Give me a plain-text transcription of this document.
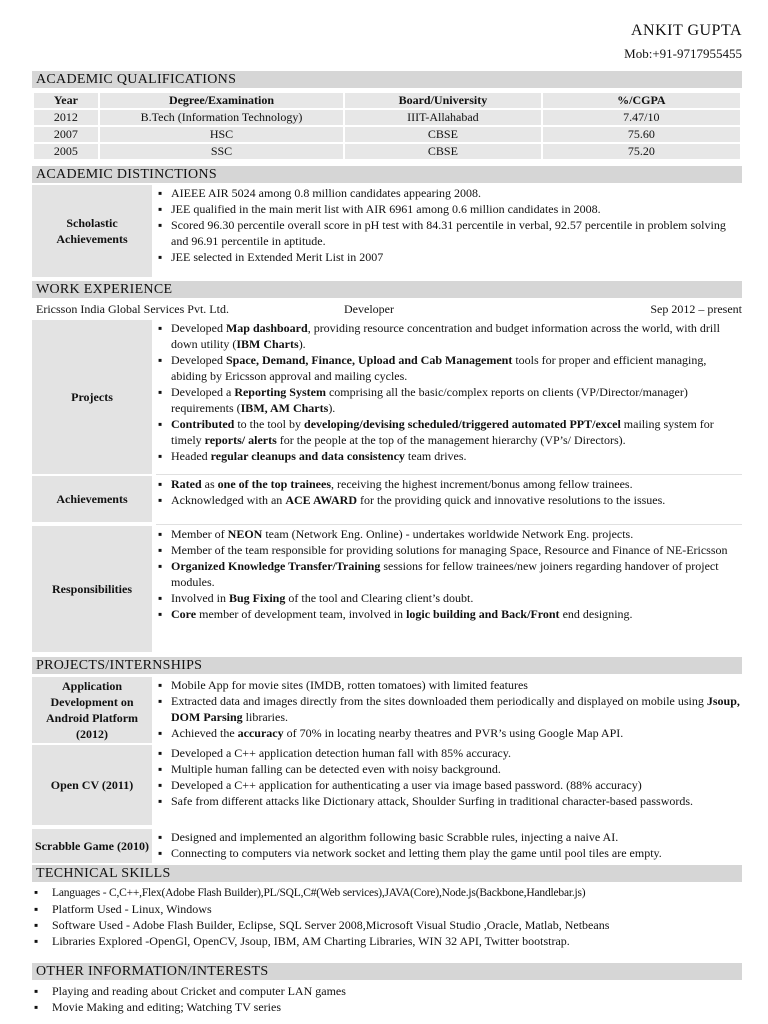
ANKIT GUPTA
Mob:+91-9717955455
ACADEMIC QUALIFICATIONS
Year	Degree/Examination	Board/University	%/CGPA
2012	B.Tech (Information Technology)	IIIT-Allahabad	7.47/10
2007	HSC	CBSE	75.60
2005	SSC	CBSE	75.20
ACADEMIC DISTINCTIONS
Scholastic Achievements
▪ AIEEE AIR 5024 among 0.8 million candidates appearing 2008.
▪ JEE qualified in the main merit list with AIR 6961 among 0.6 million candidates in 2008.
▪ Scored 96.30 percentile overall score in pH test with 84.31 percentile in verbal, 92.57 percentile in problem solving and 96.91 percentile in aptitude.
▪ JEE selected in Extended Merit List in 2007
WORK EXPERIENCE
Ericsson India Global Services Pvt. Ltd.	Developer	Sep 2012 – present
Projects
▪ Developed Map dashboard, providing resource concentration and budget information across the world, with drill down utility (IBM Charts).
▪ Developed Space, Demand, Finance, Upload and Cab Management tools for proper and efficient managing, abiding by Ericsson approval and mailing cycles.
▪ Developed a Reporting System comprising all the basic/complex reports on clients (VP/Director/manager) requirements (IBM, AM Charts).
▪ Contributed to the tool by developing/devising scheduled/triggered automated PPT/excel mailing system for timely reports/ alerts for the people at the top of the management hierarchy (VP’s/ Directors).
▪ Headed regular cleanups and data consistency team drives.
Achievements
▪ Rated as one of the top trainees, receiving the highest increment/bonus among fellow trainees.
▪ Acknowledged with an ACE AWARD for the providing quick and innovative resolutions to the issues.
Responsibilities
▪ Member of NEON team (Network Eng. Online) - undertakes worldwide Network Eng. projects.
▪ Member of the team responsible for providing solutions for managing Space, Resource and Finance of NE-Ericsson
▪ Organized Knowledge Transfer/Training sessions for fellow trainees/new joiners regarding handover of project modules.
▪ Involved in Bug Fixing of the tool and Clearing client’s doubt.
▪ Core member of development team, involved in logic building and Back/Front end designing.
PROJECTS/INTERNSHIPS
Application Development on Android Platform (2012)
▪ Mobile App for movie sites (IMDB, rotten tomatoes) with limited features
▪ Extracted data and images directly from the sites downloaded them periodically and displayed on mobile using Jsoup, DOM Parsing libraries.
▪ Achieved the accuracy of 70% in locating nearby theatres and PVR’s using Google Map API.
Open CV (2011)
▪ Developed a C++ application detection human fall with 85% accuracy.
▪ Multiple human falling can be detected even with noisy background.
▪ Developed a C++ application for authenticating a user via image based password. (88% accuracy)
▪ Safe from different attacks like Dictionary attack, Shoulder Surfing in traditional character-based passwords.
Scrabble Game (2010)
▪ Designed and implemented an algorithm following basic Scrabble rules, injecting a naive AI.
▪ Connecting to computers via network socket and letting them play the game until pool tiles are empty.
TECHNICAL SKILLS
▪ Languages - C,C++,Flex(Adobe Flash Builder),PL/SQL,C#(Web services),JAVA(Core),Node.js(Backbone,Handlebar.js)
▪ Platform Used - Linux, Windows
▪ Software Used - Adobe Flash Builder, Eclipse, SQL Server 2008,Microsoft Visual Studio ,Oracle, Matlab, Netbeans
▪ Libraries Explored -OpenGl, OpenCV, Jsoup, IBM, AM Charting Libraries, WIN 32 API, Twitter bootstrap.
OTHER INFORMATION/INTERESTS
▪ Playing and reading about Cricket and computer LAN games
▪ Movie Making and editing; Watching TV series
